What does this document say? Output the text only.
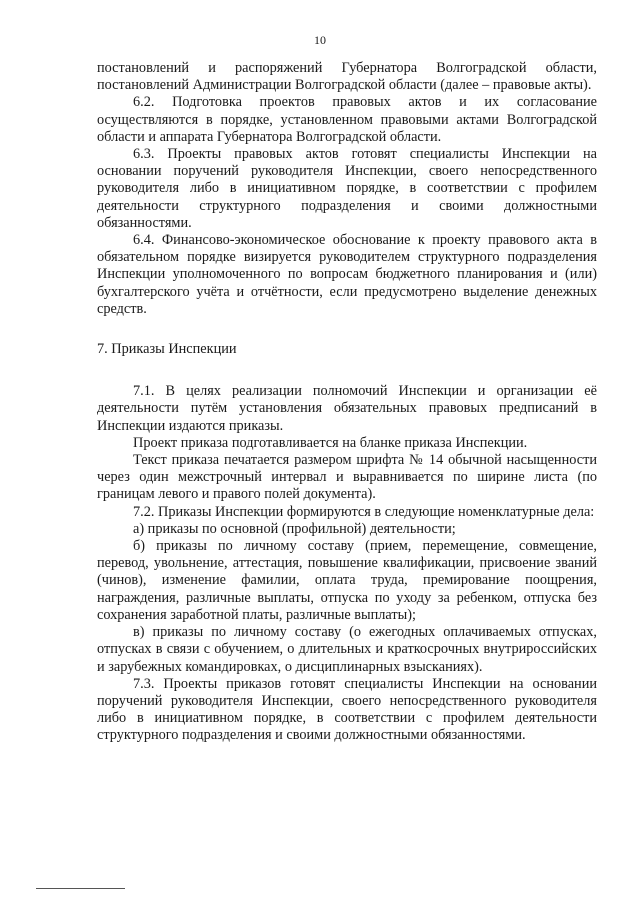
10

постановлений и распоряжений Губернатора Волгоградской области, постановлений Администрации Волгоградской области (далее – правовые акты).

6.2. Подготовка проектов правовых актов и их согласование осуществляются в порядке, установленном правовыми актами Волгоградской области и аппарата Губернатора Волгоградской области.

6.3. Проекты правовых актов готовят специалисты Инспекции на основании поручений руководителя Инспекции, своего непосредственного руководителя либо в инициативном порядке, в соответствии с профилем деятельности структурного подразделения и своими должностными обязанностями.

6.4. Финансово-экономическое обоснование к проекту правового акта в обязательном порядке визируется руководителем структурного подразделения Инспекции уполномоченного по вопросам бюджетного планирования и (или) бухгалтерского учёта и отчётности, если предусмотрено выделение денежных средств.

7. Приказы Инспекции

7.1. В целях реализации полномочий Инспекции и организации её деятельности путём установления обязательных правовых предписаний в Инспекции издаются приказы.

Проект приказа подготавливается на бланке приказа Инспекции.

Текст приказа печатается размером шрифта № 14 обычной насыщенности через один межстрочный интервал и выравнивается по ширине листа (по границам левого и правого полей документа).

7.2. Приказы Инспекции формируются в следующие номенклатурные дела:

а) приказы по основной (профильной) деятельности;

б) приказы по личному составу (прием, перемещение, совмещение, перевод, увольнение, аттестация, повышение квалификации, присвоение званий (чинов), изменение фамилии, оплата труда, премирование поощрения, награждения, различные выплаты, отпуска по уходу за ребенком, отпуска без сохранения заработной платы, различные выплаты);

в) приказы по личному составу (о ежегодных оплачиваемых отпусках, отпусках в связи с обучением, о длительных и краткосрочных внутрироссийских и зарубежных командировках, о дисциплинарных взысканиях).

7.3. Проекты приказов готовят специалисты Инспекции на основании поручений руководителя Инспекции, своего непосредственного руководителя либо в инициативном порядке, в соответствии с профилем деятельности структурного подразделения и своими должностными обязанностями.
